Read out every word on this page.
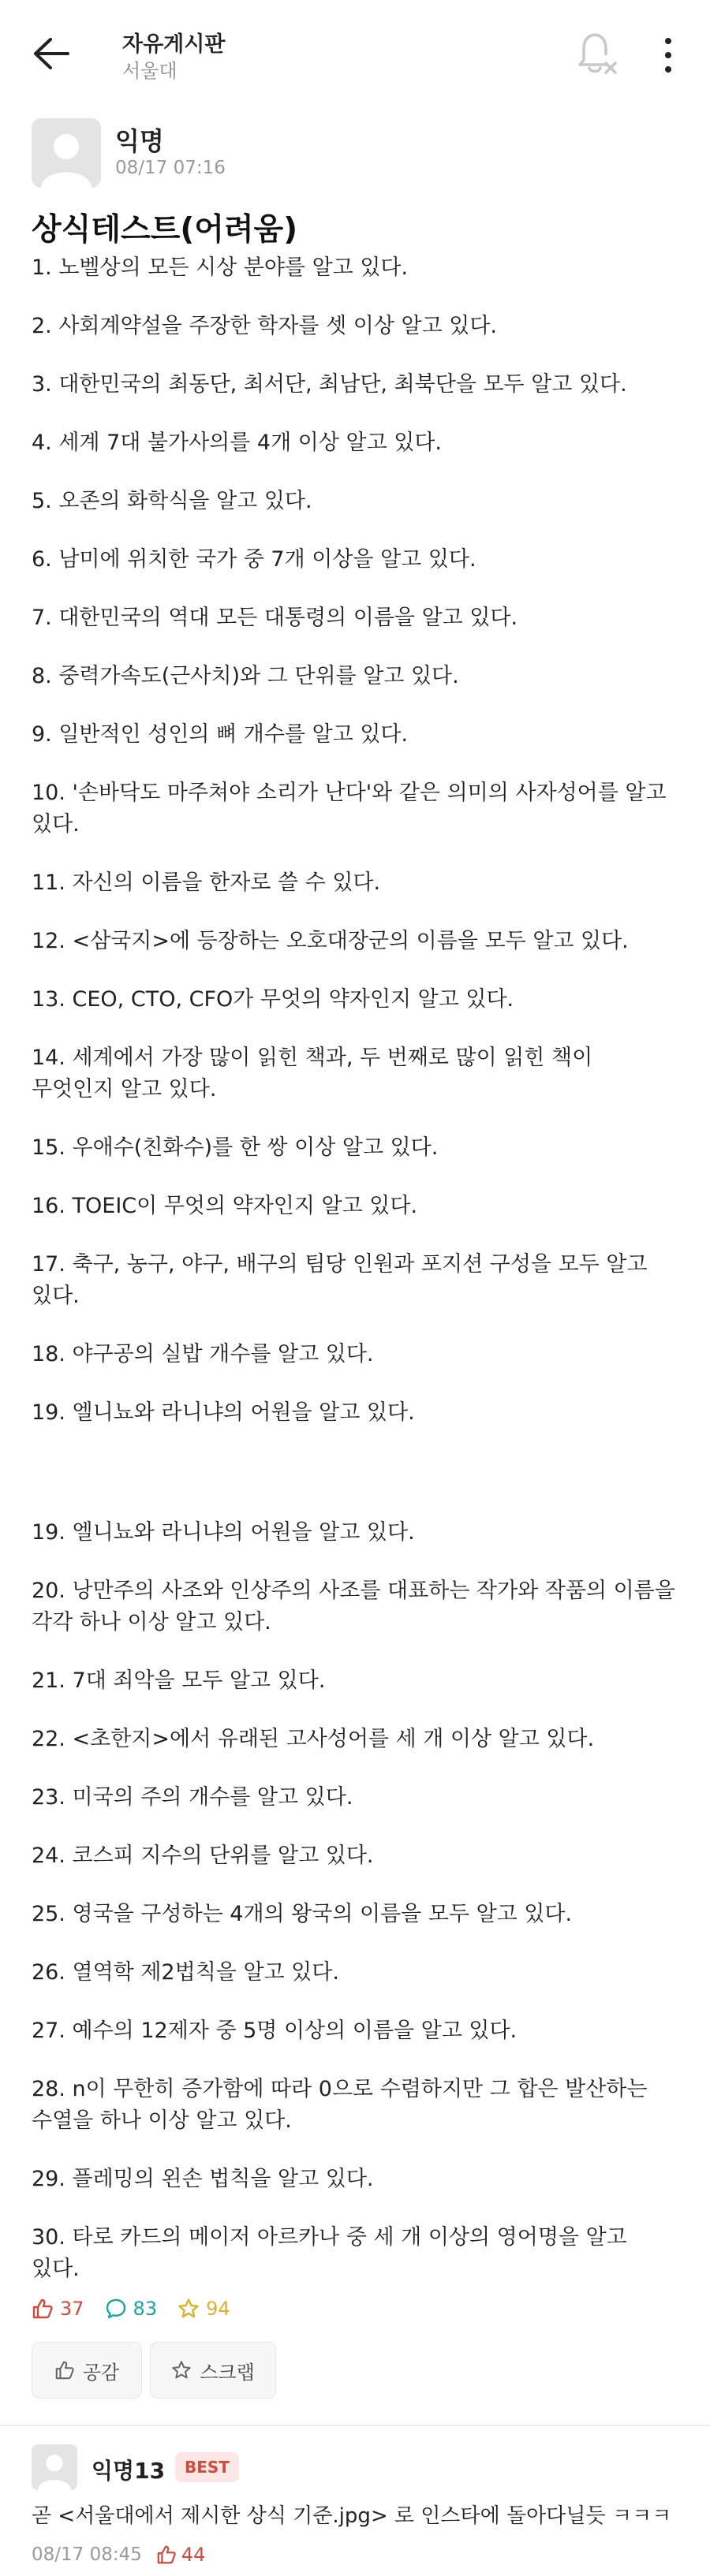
자유게시판
서울대
익명
08/17 07:16
상식테스트(어려움)
1. 노벨상의 모든 시상 분야를 알고 있다.
2. 사회계약설을 주장한 학자를 셋 이상 알고 있다.
3. 대한민국의 최동단, 최서단, 최남단, 최북단을 모두 알고 있다.
4. 세계 7대 불가사의를 4개 이상 알고 있다.
5. 오존의 화학식을 알고 있다.
6. 남미에 위치한 국가 중 7개 이상을 알고 있다.
7. 대한민국의 역대 모든 대통령의 이름을 알고 있다.
8. 중력가속도(근사치)와 그 단위를 알고 있다.
9. 일반적인 성인의 뼈 개수를 알고 있다.
10. '손바닥도 마주쳐야 소리가 난다'와 같은 의미의 사자성어를 알고 있다.
11. 자신의 이름을 한자로 쓸 수 있다.
12. <삼국지>에 등장하는 오호대장군의 이름을 모두 알고 있다.
13. CEO, CTO, CFO가 무엇의 약자인지 알고 있다.
14. 세계에서 가장 많이 읽힌 책과, 두 번째로 많이 읽힌 책이 무엇인지 알고 있다.
15. 우애수(친화수)를 한 쌍 이상 알고 있다.
16. TOEIC이 무엇의 약자인지 알고 있다.
17. 축구, 농구, 야구, 배구의 팀당 인원과 포지션 구성을 모두 알고 있다.
18. 야구공의 실밥 개수를 알고 있다.
19. 엘니뇨와 라니냐의 어원을 알고 있다.
19. 엘니뇨와 라니냐의 어원을 알고 있다.
20. 낭만주의 사조와 인상주의 사조를 대표하는 작가와 작품의 이름을 각각 하나 이상 알고 있다.
21. 7대 죄악을 모두 알고 있다.
22. <초한지>에서 유래된 고사성어를 세 개 이상 알고 있다.
23. 미국의 주의 개수를 알고 있다.
24. 코스피 지수의 단위를 알고 있다.
25. 영국을 구성하는 4개의 왕국의 이름을 모두 알고 있다.
26. 열역학 제2법칙을 알고 있다.
27. 예수의 12제자 중 5명 이상의 이름을 알고 있다.
28. n이 무한히 증가함에 따라 0으로 수렴하지만 그 합은 발산하는 수열을 하나 이상 알고 있다.
29. 플레밍의 왼손 법칙을 알고 있다.
30. 타로 카드의 메이저 아르카나 중 세 개 이상의 영어명을 알고 있다.
37	83	94
공감	스크랩
익명13	BEST
곧 <서울대에서 제시한 상식 기준.jpg> 로 인스타에 돌아다닐듯 ㅋㅋㅋ
08/17 08:45 44
